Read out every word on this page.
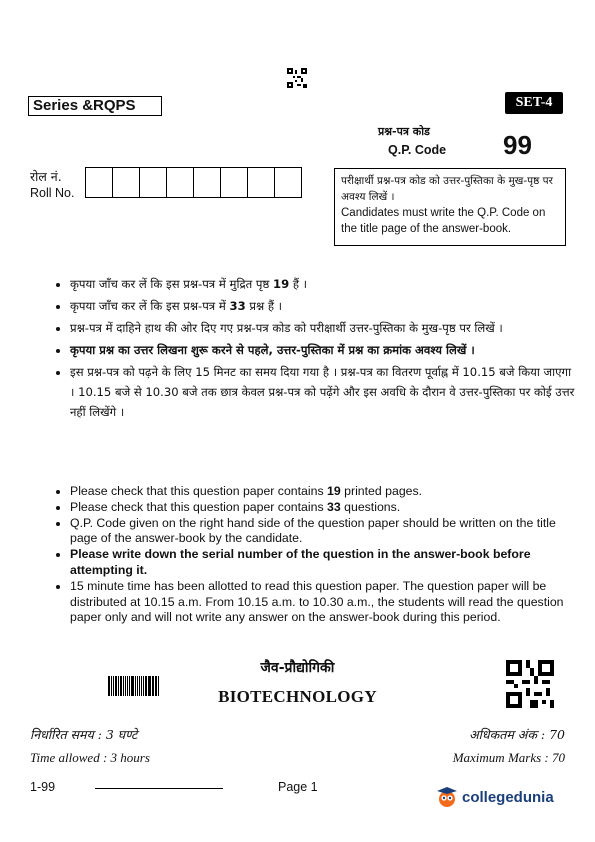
Series &RQPS	SET-4
प्रश्न-पत्र कोड
Q.P. Code 99
रोल नं.
Roll No.
परीक्षार्थी प्रश्न-पत्र कोड को उत्तर-पुस्तिका के मुख-पृष्ठ पर अवश्य लिखें ।
Candidates must write the Q.P. Code on the title page of the answer-book.
• कृपया जाँच कर लें कि इस प्रश्न-पत्र में मुद्रित पृष्ठ 19 हैं ।
• कृपया जाँच कर लें कि इस प्रश्न-पत्र में 33 प्रश्न हैं ।
• प्रश्न-पत्र में दाहिने हाथ की ओर दिए गए प्रश्न-पत्र कोड को परीक्षार्थी उत्तर-पुस्तिका के मुख-पृष्ठ पर लिखें ।
• कृपया प्रश्न का उत्तर लिखना शुरू करने से पहले, उत्तर-पुस्तिका में प्रश्न का क्रमांक अवश्य लिखें ।
• इस प्रश्न-पत्र को पढ़ने के लिए 15 मिनट का समय दिया गया है । प्रश्न-पत्र का वितरण पूर्वाह्न में 10.15 बजे किया जाएगा । 10.15 बजे से 10.30 बजे तक छात्र केवल प्रश्न-पत्र को पढ़ेंगे और इस अवधि के दौरान वे उत्तर-पुस्तिका पर कोई उत्तर नहीं लिखेंगे ।
• Please check that this question paper contains 19 printed pages.
• Please check that this question paper contains 33 questions.
• Q.P. Code given on the right hand side of the question paper should be written on the title page of the answer-book by the candidate.
• Please write down the serial number of the question in the answer-book before attempting it.
• 15 minute time has been allotted to read this question paper. The question paper will be distributed at 10.15 a.m. From 10.15 a.m. to 10.30 a.m., the students will read the question paper only and will not write any answer on the answer-book during this period.
जैव-प्रौद्योगिकी
BIOTECHNOLOGY
निर्धारित समय : 3 घण्टे
Time allowed : 3 hours
अधिकतम अंक : 70
Maximum Marks : 70
1-99	Page 1
collegedunia
